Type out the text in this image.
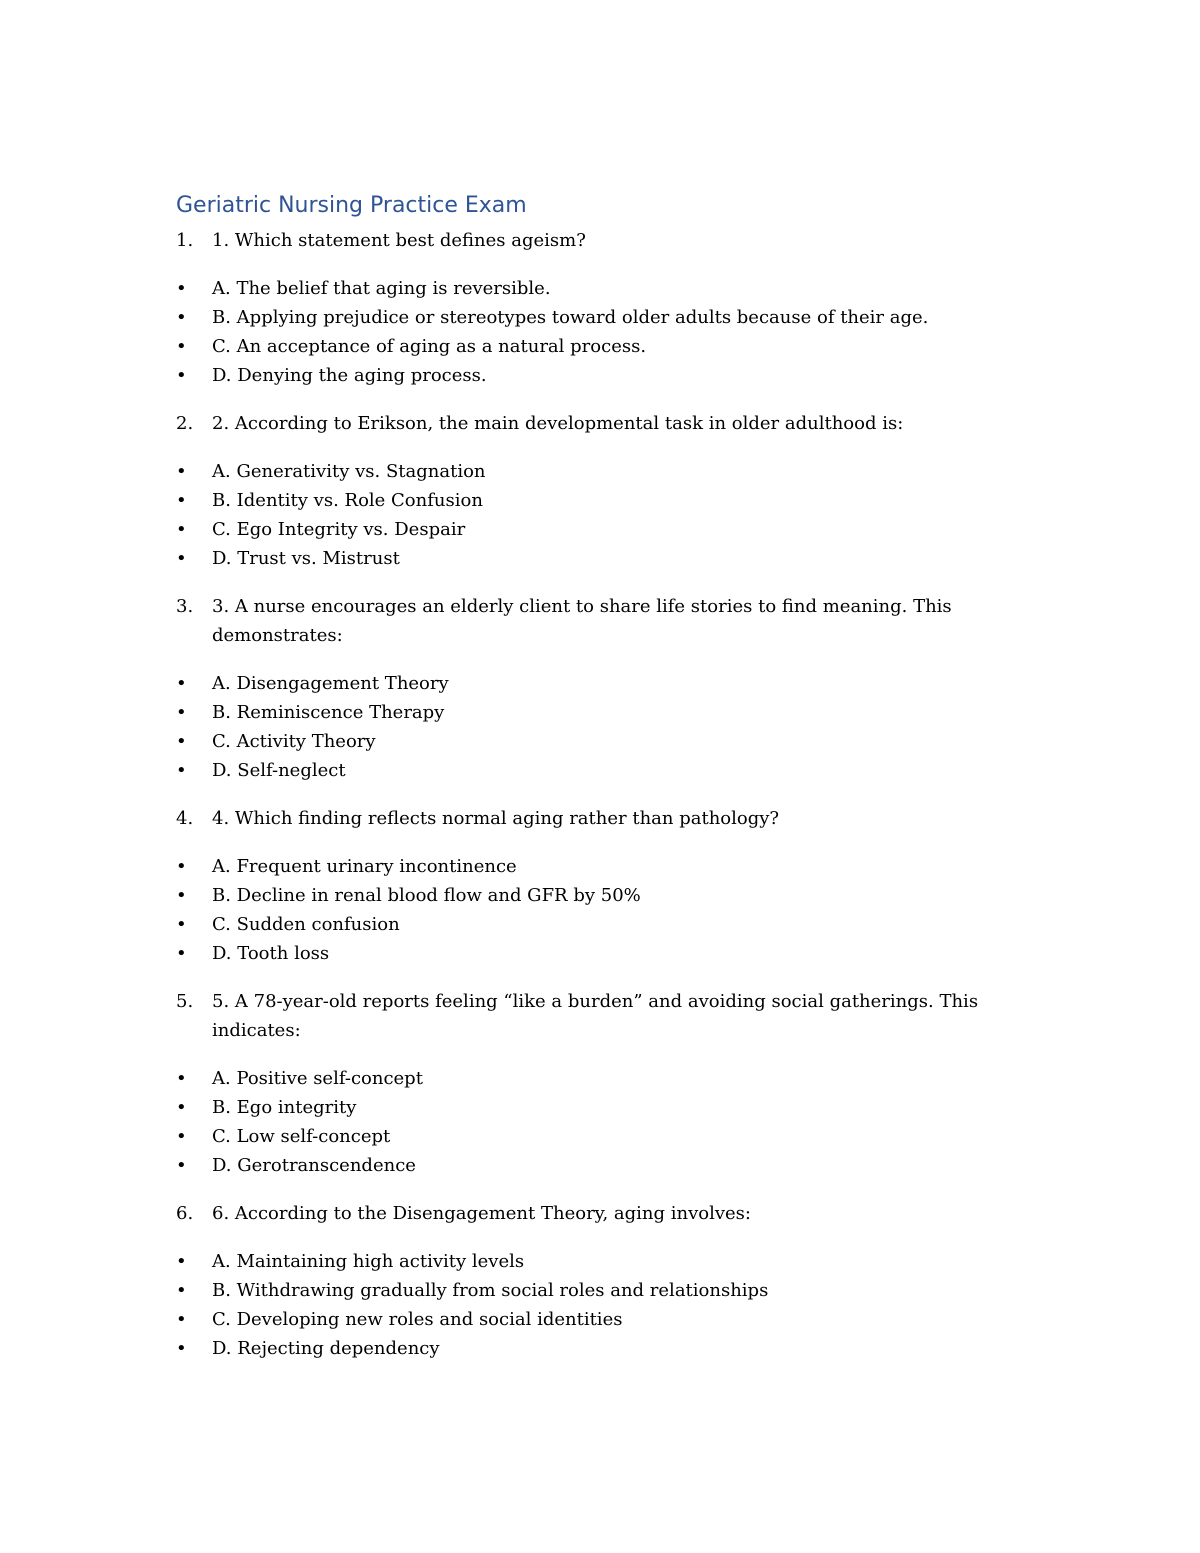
Geriatric Nursing Practice Exam
1.	1. Which statement best defines ageism?
•	A. The belief that aging is reversible.
•	B. Applying prejudice or stereotypes toward older adults because of their age.
•	C. An acceptance of aging as a natural process.
•	D. Denying the aging process.
2.	2. According to Erikson, the main developmental task in older adulthood is:
•	A. Generativity vs. Stagnation
•	B. Identity vs. Role Confusion
•	C. Ego Integrity vs. Despair
•	D. Trust vs. Mistrust
3.	3. A nurse encourages an elderly client to share life stories to find meaning. This demonstrates:
•	A. Disengagement Theory
•	B. Reminiscence Therapy
•	C. Activity Theory
•	D. Self-neglect
4.	4. Which finding reflects normal aging rather than pathology?
•	A. Frequent urinary incontinence
•	B. Decline in renal blood flow and GFR by 50%
•	C. Sudden confusion
•	D. Tooth loss
5.	5. A 78-year-old reports feeling “like a burden” and avoiding social gatherings. This indicates:
•	A. Positive self-concept
•	B. Ego integrity
•	C. Low self-concept
•	D. Gerotranscendence
6.	6. According to the Disengagement Theory, aging involves:
•	A. Maintaining high activity levels
•	B. Withdrawing gradually from social roles and relationships
•	C. Developing new roles and social identities
•	D. Rejecting dependency
